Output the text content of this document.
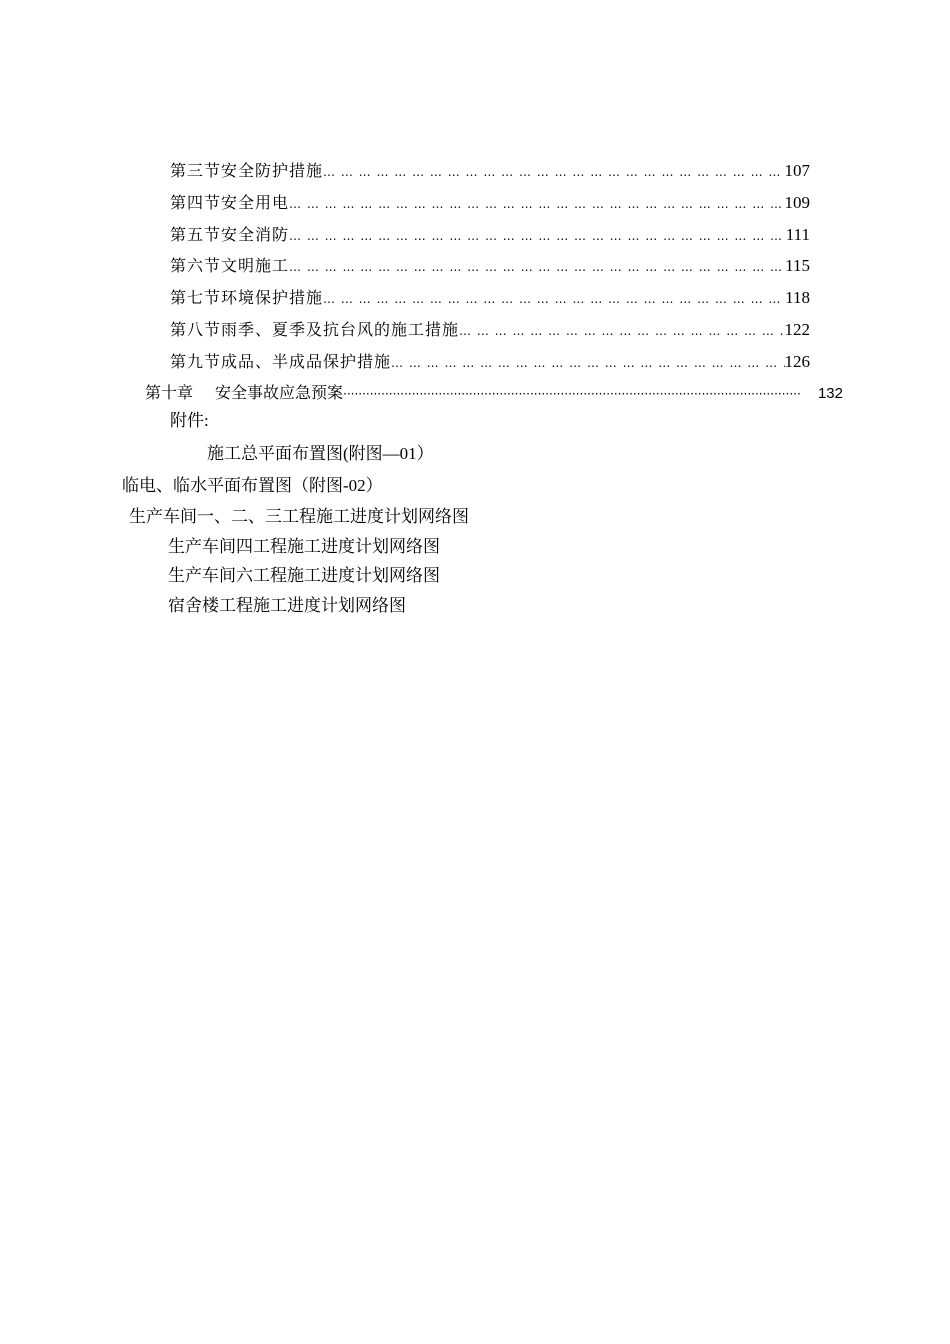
第三节安全防护措施 … … … … … … … … … … … … … … … … … … … … … … … … … … … … … … … … … … … … … … … … … … … … … … … … … … … … … … … … … …	107
第四节安全用电 … … … … … … … … … … … … … … … … … … … … … … … … … … … … … … … … … … … … … … … … … … … … … … … … … … … … … … … … … …	109
第五节安全消防 … … … … … … … … … … … … … … … … … … … … … … … … … … … … … … … … … … … … … … … … … … … … … … … … … … … … … … … … … …	111
第六节文明施工 … … … … … … … … … … … … … … … … … … … … … … … … … … … … … … … … … … … … … … … … … … … … … … … … … … … … … … … … … …	115
第七节环境保护措施 … … … … … … … … … … … … … … … … … … … … … … … … … … … … … … … … … … … … … … … … … … … … … … … … … … … … … … … … … …	118
第八节雨季、夏季及抗台风的施工措施 … … … … … … … … … … … … … … … … … … … … … … … … … … … … … … … … … … … … … … … … … … … … … … … … … … … … … … … … … …	122
第九节成品、半成品保护措施 … … … … … … … … … … … … … … … … … … … … … … … … … … … … … … … … … … … … … … … … … … … … … … … … … … … … … … … … … …	126
第十章 安全事故应急预案 ·····	132
附件:
施工总平面布置图(附图—01）
临电、临水平面布置图（附图-02）
生产车间一、二、三工程施工进度计划网络图
生产车间四工程施工进度计划网络图
生产车间六工程施工进度计划网络图
宿舍楼工程施工进度计划网络图
